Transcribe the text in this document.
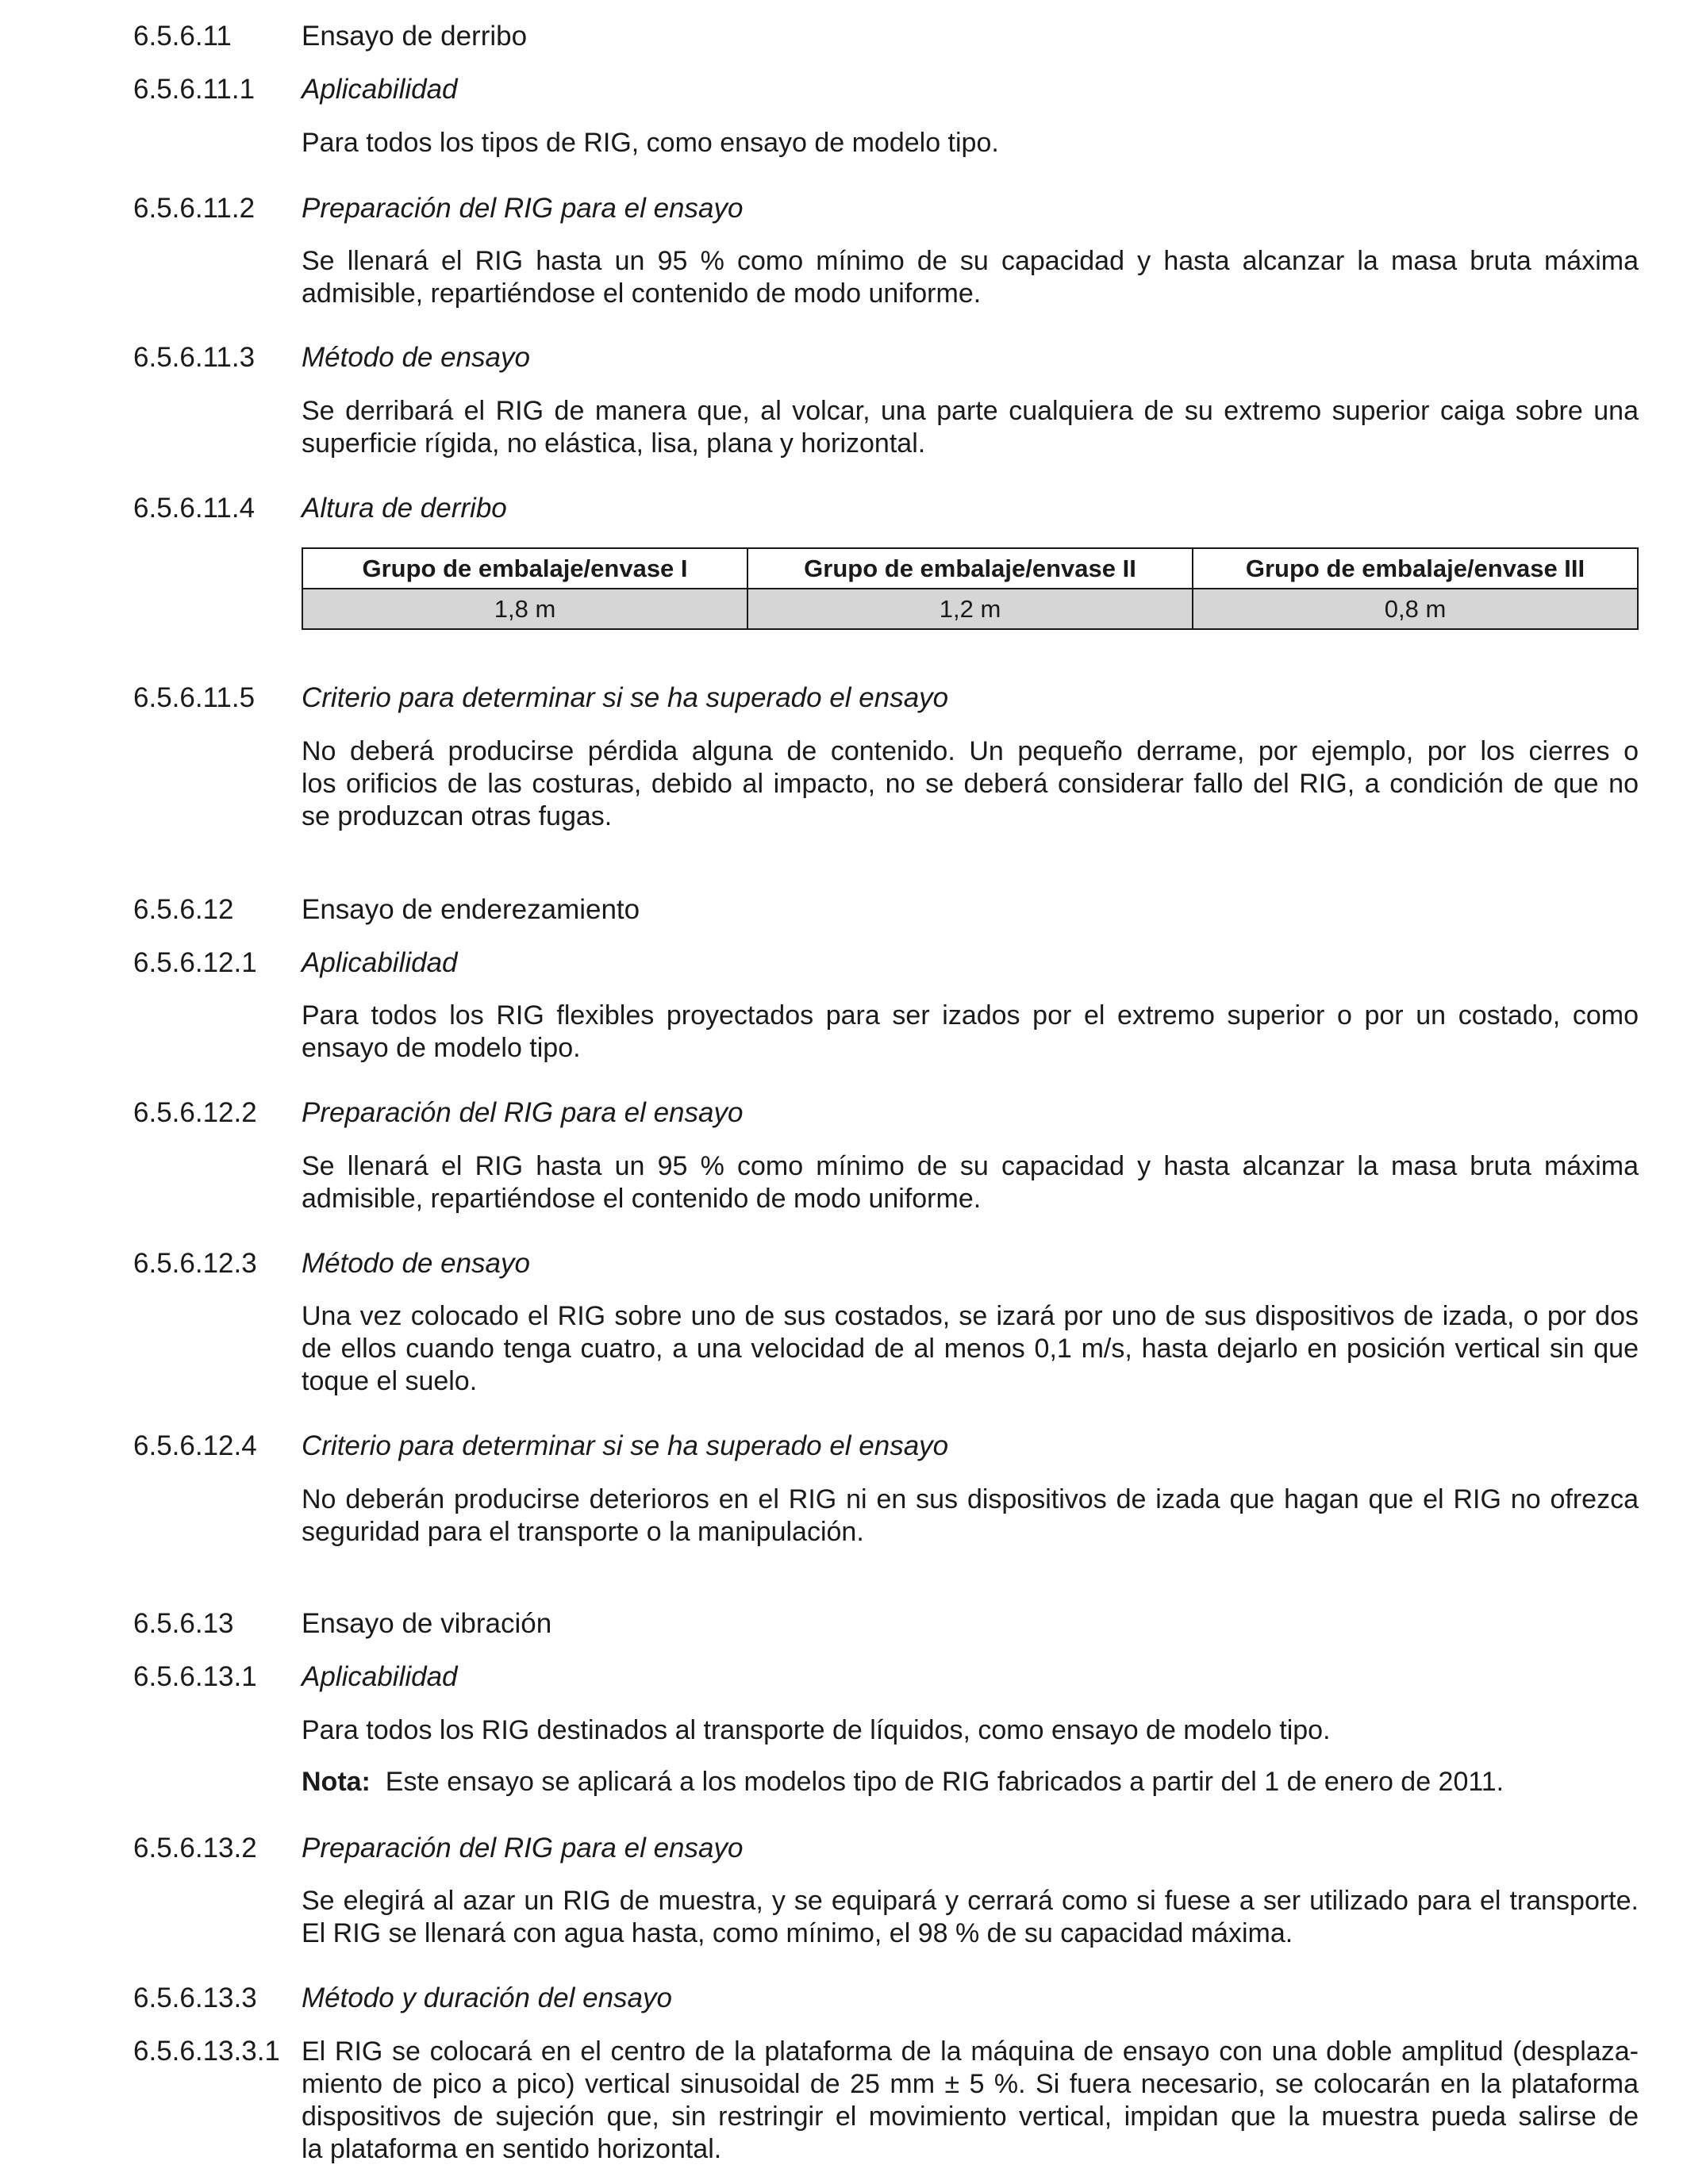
6.5.6.11	Ensayo de derribo
6.5.6.11.1	Aplicabilidad
Para todos los tipos de RIG, como ensayo de modelo tipo.
6.5.6.11.2	Preparación del RIG para el ensayo
Se llenará el RIG hasta un 95 % como mínimo de su capacidad y hasta alcanzar la masa bruta máxima
admisible, repartiéndose el contenido de modo uniforme.
6.5.6.11.3	Método de ensayo
Se derribará el RIG de manera que, al volcar, una parte cualquiera de su extremo superior caiga sobre una
superficie rígida, no elástica, lisa, plana y horizontal.
6.5.6.11.4	Altura de derribo
Grupo de embalaje/envase I	Grupo de embalaje/envase II	Grupo de embalaje/envase III
1,8 m	1,2 m	0,8 m
6.5.6.11.5	Criterio para determinar si se ha superado el ensayo
No deberá producirse pérdida alguna de contenido. Un pequeño derrame, por ejemplo, por los cierres o
los orificios de las costuras, debido al impacto, no se deberá considerar fallo del RIG, a condición de que no
se produzcan otras fugas.
6.5.6.12	Ensayo de enderezamiento
6.5.6.12.1	Aplicabilidad
Para todos los RIG flexibles proyectados para ser izados por el extremo superior o por un costado, como
ensayo de modelo tipo.
6.5.6.12.2	Preparación del RIG para el ensayo
Se llenará el RIG hasta un 95 % como mínimo de su capacidad y hasta alcanzar la masa bruta máxima
admisible, repartiéndose el contenido de modo uniforme.
6.5.6.12.3	Método de ensayo
Una vez colocado el RIG sobre uno de sus costados, se izará por uno de sus dispositivos de izada, o por dos
de ellos cuando tenga cuatro, a una velocidad de al menos 0,1 m/s, hasta dejarlo en posición vertical sin que
toque el suelo.
6.5.6.12.4	Criterio para determinar si se ha superado el ensayo
No deberán producirse deterioros en el RIG ni en sus dispositivos de izada que hagan que el RIG no ofrezca
seguridad para el transporte o la manipulación.
6.5.6.13	Ensayo de vibración
6.5.6.13.1	Aplicabilidad
Para todos los RIG destinados al transporte de líquidos, como ensayo de modelo tipo.
Nota: Este ensayo se aplicará a los modelos tipo de RIG fabricados a partir del 1 de enero de 2011.
6.5.6.13.2	Preparación del RIG para el ensayo
Se elegirá al azar un RIG de muestra, y se equipará y cerrará como si fuese a ser utilizado para el transporte.
El RIG se llenará con agua hasta, como mínimo, el 98 % de su capacidad máxima.
6.5.6.13.3	Método y duración del ensayo
6.5.6.13.3.1 El RIG se colocará en el centro de la plataforma de la máquina de ensayo con una doble amplitud (desplaza-
miento de pico a pico) vertical sinusoidal de 25 mm ± 5 %. Si fuera necesario, se colocarán en la plataforma
dispositivos de sujeción que, sin restringir el movimiento vertical, impidan que la muestra pueda salirse de
la plataforma en sentido horizontal.
